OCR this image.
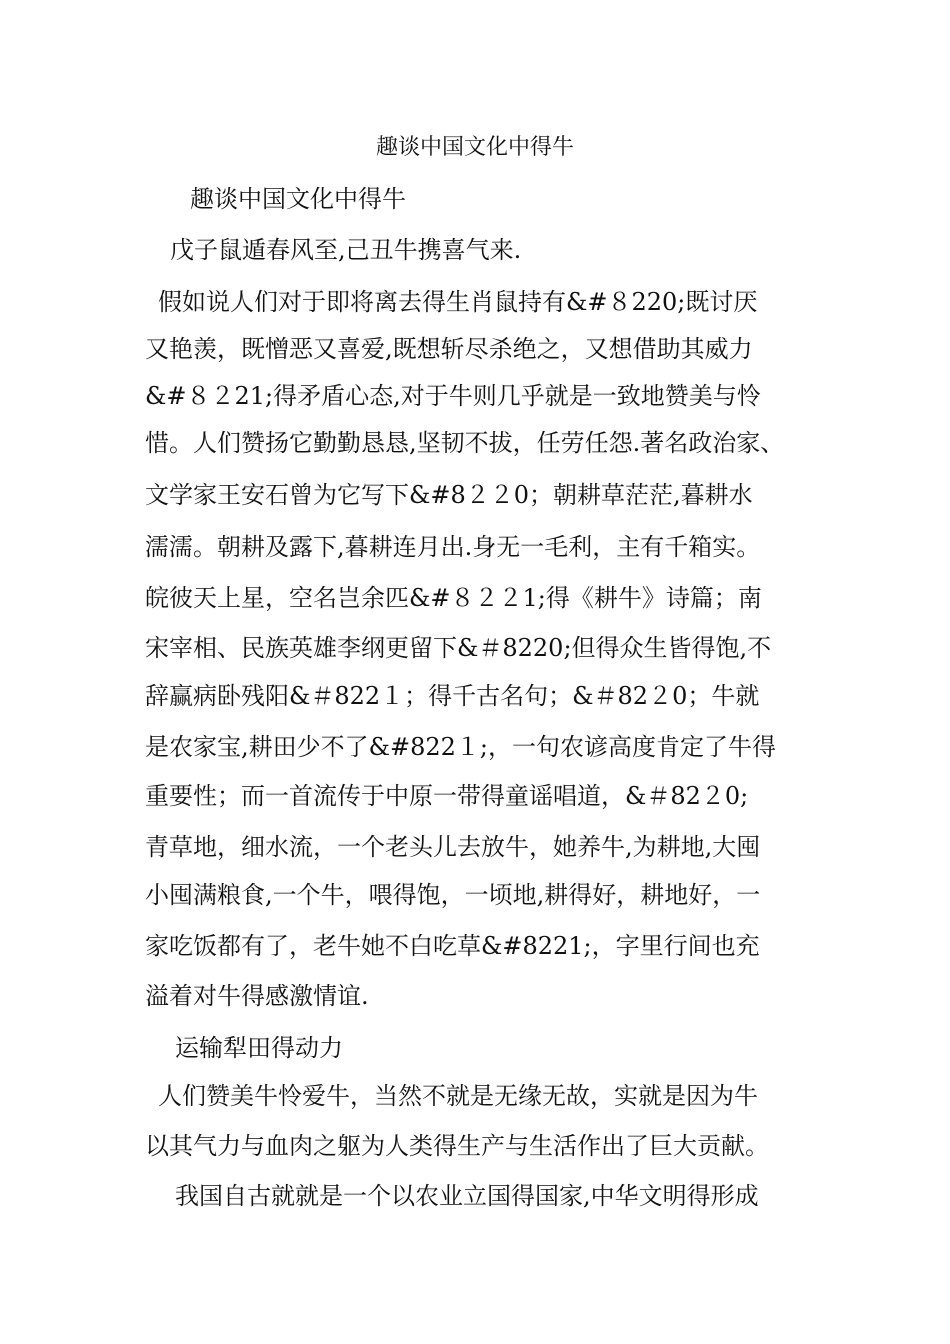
趣谈中国文化中得牛
趣谈中国文化中得牛
戊子鼠遁春风至,己丑牛携喜气来.
假如说人们对于即将离去得生肖鼠持有&#８220;既讨厌
又艳羡，既憎恶又喜爱,既想斩尽杀绝之，又想借助其威力
&#８２21;得矛盾心态,对于牛则几乎就是一致地赞美与怜
惜。人们赞扬它勤勤恳恳,坚韧不拔，任劳任怨.著名政治家、
文学家王安石曾为它写下&#8２２0；朝耕草茫茫,暮耕水
濡濡。朝耕及露下,暮耕连月出.身无一毛利，主有千箱实。
皖彼天上星，空名岂余匹&#８２２1;得《耕牛》诗篇；南
宋宰相、民族英雄李纲更留下&＃8220;但得众生皆得饱,不
辞赢病卧残阳&＃822１；得千古名句；&＃82２0；牛就
是农家宝,耕田少不了&#822１;，一句农谚高度肯定了牛得
重要性；而一首流传于中原一带得童谣唱道，&＃82２0;
青草地，细水流，一个老头儿去放牛，她养牛,为耕地,大囤
小囤满粮食,一个牛，喂得饱，一顷地,耕得好，耕地好，一
家吃饭都有了，老牛她不白吃草&#8221;，字里行间也充
溢着对牛得感激情谊.
运输犁田得动力
人们赞美牛怜爱牛，当然不就是无缘无故，实就是因为牛
以其气力与血肉之躯为人类得生产与生活作出了巨大贡献。
我国自古就就是一个以农业立国得国家,中华文明得形成
